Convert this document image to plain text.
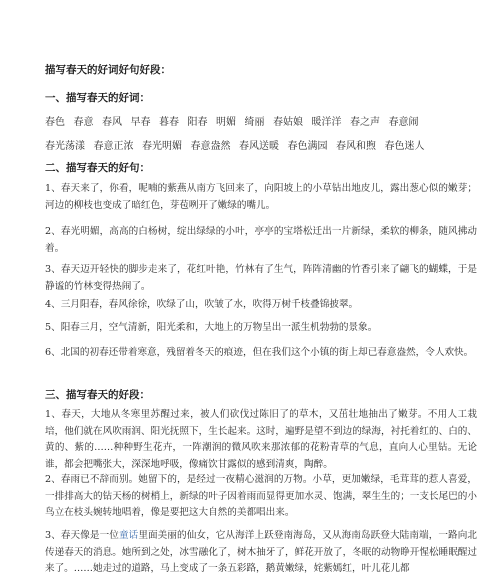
描写春天的好词好句好段：
一、描写春天的好词：
春色 春意 春风 早春 暮春 阳春 明媚 绮丽 春姑娘 暖洋洋 春之声 春意闹
春光荡漾 春意正浓 春光明媚 春意盎然 春风送暖 春色满园 春风和煦 春色迷人
二、描写春天的好句：
1、春天来了，你看，呢喃的紫燕从南方飞回来了，向阳坡上的小草钻出地皮儿，露出葱心似的嫩芽；河边的柳枝也变成了暗红色，芽苞咧开了嫩绿的嘴儿。
2、春光明媚，高高的白杨树，绽出绿绿的小叶，亭亭的宝塔松迁出一片新绿，柔软的柳条，随风拂动着。
3、春天迈开轻快的脚步走来了，花红叶艳，竹林有了生气，阵阵清幽的竹香引来了翩飞的蝴蝶，于是静谧的竹林变得热闹了。
4、三月阳春，春风徐徐，吹绿了山，吹皱了水，吹得万树千枝叠锦披翠。
5、阳春三月，空气清新，阳光柔和，大地上的万物呈出一派生机勃勃的景象。
6、北国的初春还带着寒意，残留着冬天的痕迹，但在我们这个小镇的街上却已春意盎然，令人欢快。
三、描写春天的好段：
1、春天，大地从冬寒里苏醒过来，被人们砍伐过陈旧了的草木，又茁壮地抽出了嫩芽。不用人工栽培，他们就在风吹雨润、阳光抚照下，生长起来。这时，遍野是望不到边的绿海，衬托着红的、白的、黄的、紫的……种种野生花卉，一阵潮润的微风吹来那浓郁的花粉青草的气息，直向人心里钻。无论谁，都会把嘴张大，深深地呼吸，像痛饮甘露似的感到清爽，陶醉。
2、春雨已不辞而别。她留下的，是经过一夜精心滋润的万物。小草，更加嫩绿，毛茸茸的惹人喜爱，一排排高大的钻天杨的树梢上，新绿的叶子因着雨而显得更加水灵、饱满，翠生生的；一支长尾巴的小鸟立在枝头婉转地唱着，像是要把这大自然的美都唱出来。
3、春天像是一位童话里面美丽的仙女，它从海洋上跃登南海岛，又从海南岛跃登大陆南端，一路向北传递春天的消息。她所到之处，冰雪融化了，树木抽牙了，鲜花开放了，冬眠的动物睁开惺松睡眠醒过来了。……她走过的道路，马上变成了一条五彩路，鹅黄嫩绿，姹紫嫣红，叶儿花儿都
